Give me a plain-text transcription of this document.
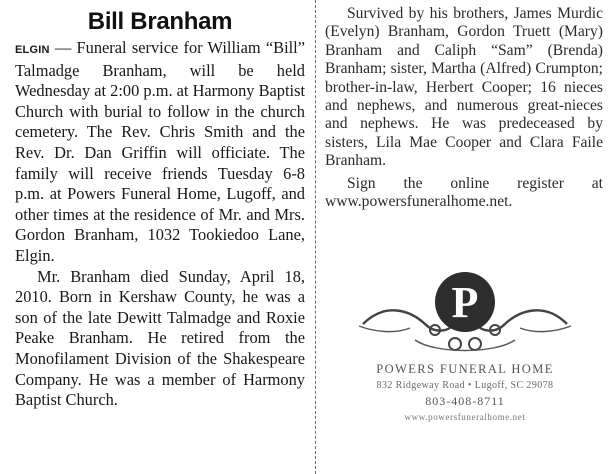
Bill Branham

ELGIN — Funeral service for William “Bill” Talmadge Branham, will be held Wednesday at 2:00 p.m. at Harmony Baptist Church with burial to follow in the church cemetery. The Rev. Chris Smith and the Rev. Dr. Dan Griffin will officiate. The family will receive friends Tuesday 6-8 p.m. at Powers Funeral Home, Lugoff, and other times at the residence of Mr. and Mrs. Gordon Branham, 1032 Tookiedoo Lane, Elgin.

Mr. Branham died Sunday, April 18, 2010. Born in Kershaw County, he was a son of the late Dewitt Talmadge and Roxie Peake Branham. He retired from the Monofilament Division of the Shakespeare Company. He was a member of Harmony Baptist Church.

Survived by his brothers, James Murdic (Evelyn) Branham, Gordon Truett (Mary) Branham and Caliph “Sam” (Brenda) Branham; sister, Martha (Alfred) Crumpton; brother-in-law, Herbert Cooper; 16 nieces and nephews, and numerous great-nieces and nephews. He was predeceased by sisters, Lila Mae Cooper and Clara Faile Branham.

Sign the online register at www.powersfuneralhome.net.

P
POWERS FUNERAL HOME
832 Ridgeway Road • Lugoff, SC 29078
803-408-8711
www.powersfuneralhome.net
